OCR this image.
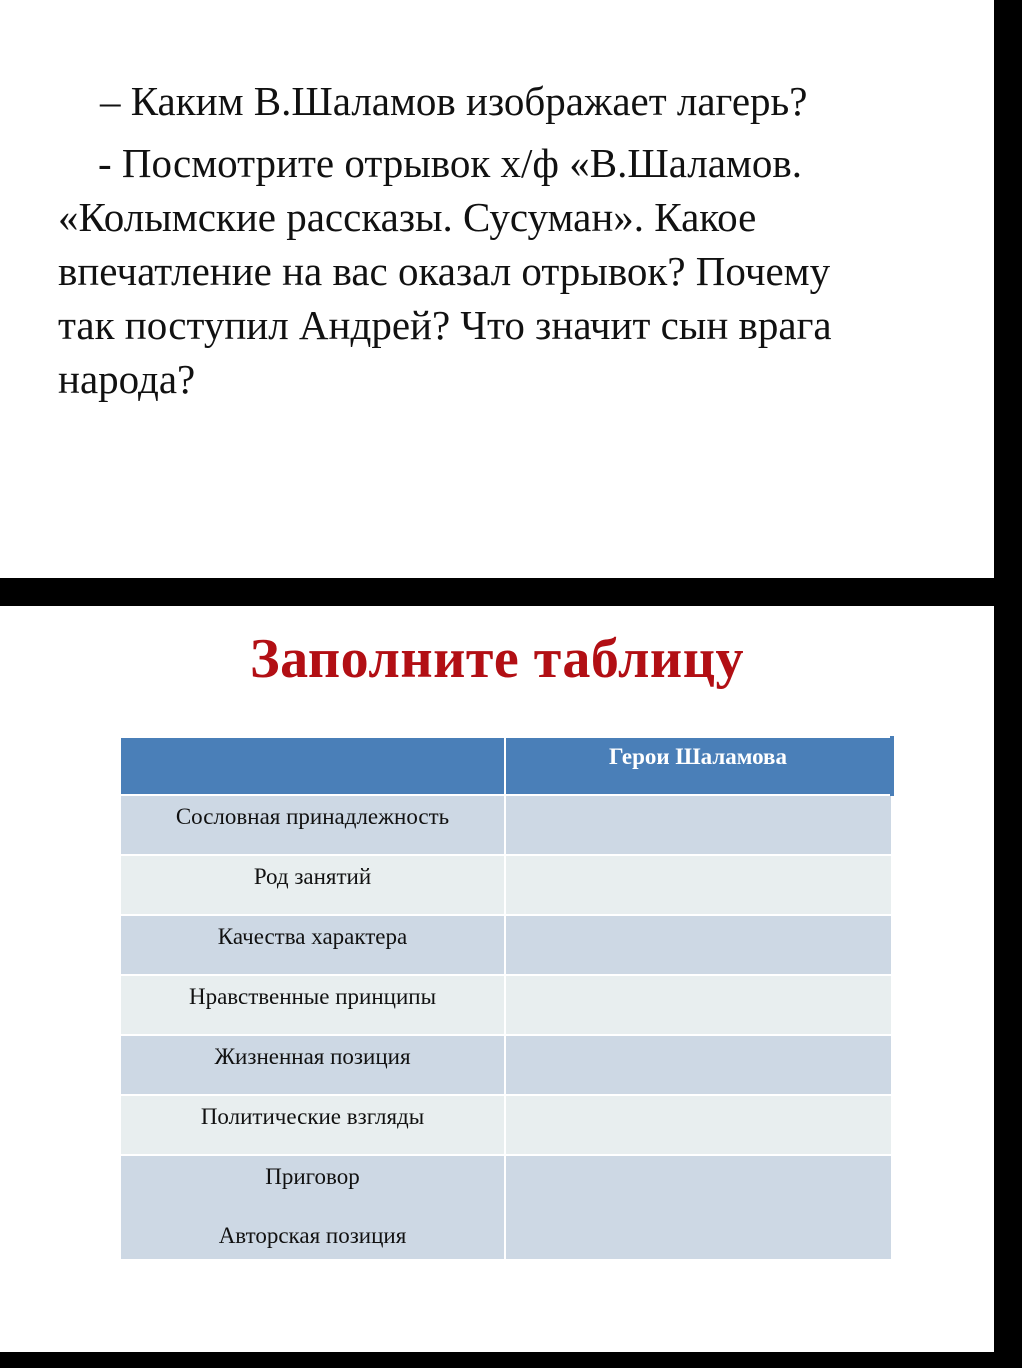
– Каким В.Шаламов изображает лагерь?
- Посмотрите отрывок х/ф «В.Шаламов.
«Колымские рассказы. Сусуман». Какое
впечатление на вас оказал отрывок? Почему
так поступил Андрей? Что значит сын врага
народа?
Заполните таблицу
	Герои Шаламова
Сословная принадлежность	
Род занятий	
Качества характера	
Нравственные принципы	
Жизненная позиция	
Политические взгляды	

Приговор
Авторская позиция	
